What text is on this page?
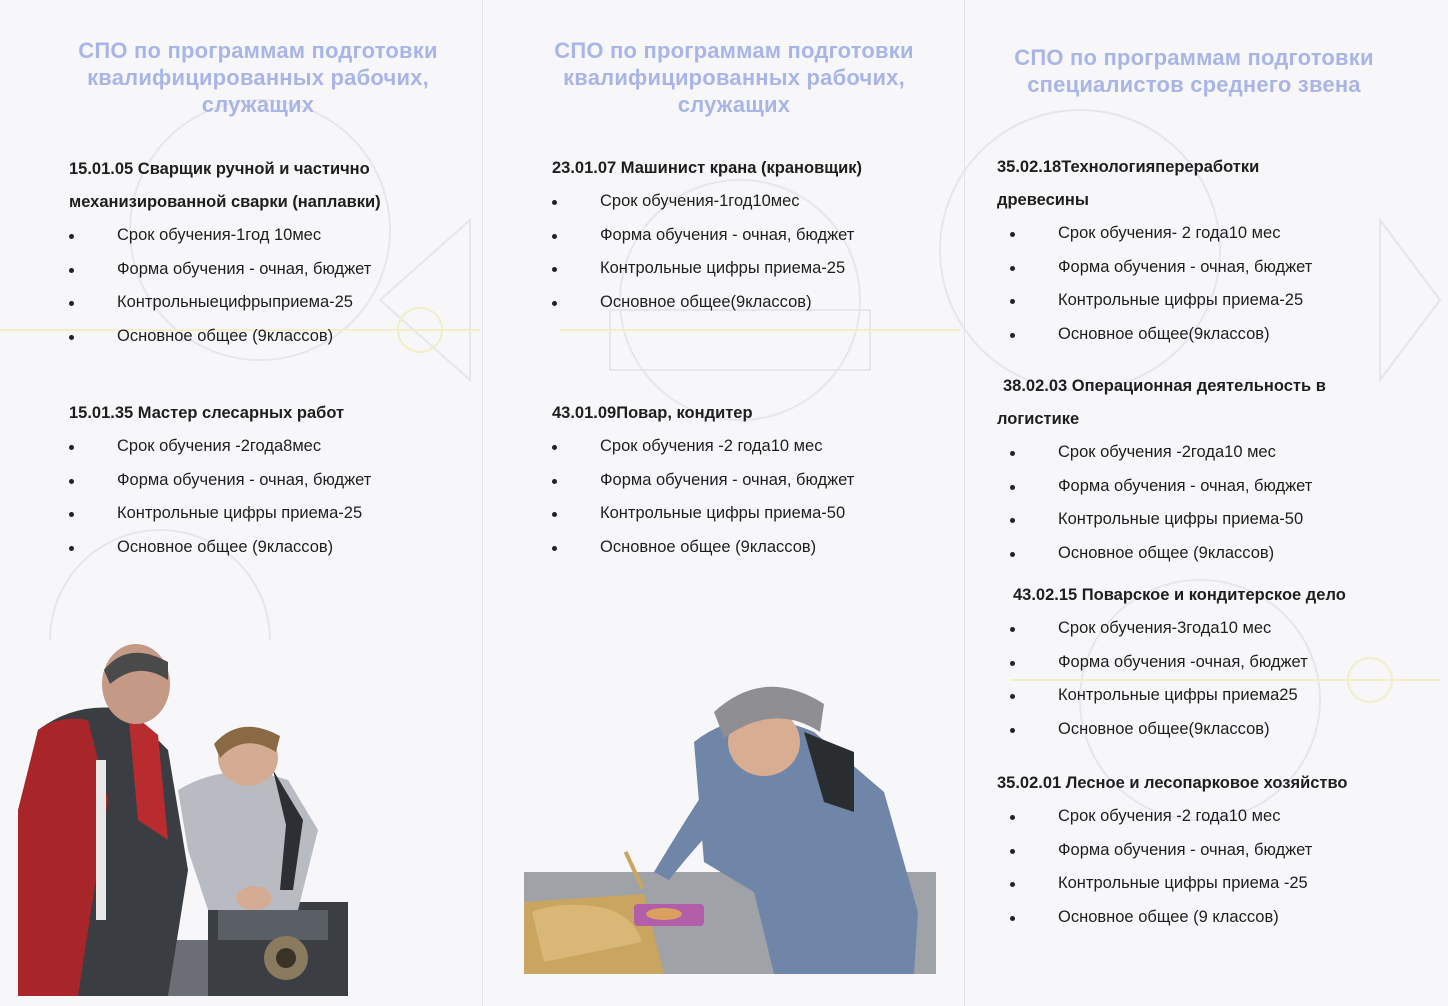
СПО по программам подготовки
квалифицированных рабочих,
служащих
15.01.05 Сварщик ручной и частично
механизированной сварки (наплавки)
Срок обучения-1год 10мес
Форма обучения - очная, бюджет
Контрольныецифрыприема-25
Основное общее (9классов)
15.01.35 Мастер слесарных работ
Срок обучения -2года8мес
Форма обучения - очная, бюджет
Контрольные цифры приема-25
Основное общее (9классов)
СПО по программам подготовки
квалифицированных рабочих,
служащих
23.01.07 Машинист крана (крановщик)
Срок обучения-1год10мес
Форма обучения - очная, бюджет
Контрольные цифры приема-25
Основное общее(9классов)
43.01.09Повар, кондитер
Срок обучения -2 года10 мес
Форма обучения - очная, бюджет
Контрольные цифры приема-50
Основное общее (9классов)
СПО по программам подготовки
специалистов среднего звена
35.02.18Технологияпереработки
древесины
Срок обучения- 2 года10 мес
Форма обучения - очная, бюджет
Контрольные цифры приема-25
Основное общее(9классов)
38.02.03 Операционная деятельность в
логистике
Срок обучения -2года10 мес
Форма обучения - очная, бюджет
Контрольные цифры приема-50
Основное общее (9классов)
43.02.15 Поварское и кондитерское дело
Срок обучения-3года10 мес
Форма обучения -очная, бюджет
Контрольные цифры приема25
Основное общее(9классов)
35.02.01 Лесное и лесопарковое хозяйство
Срок обучения -2 года10 мес
Форма обучения - очная, бюджет
Контрольные цифры приема -25
Основное общее (9 классов)
